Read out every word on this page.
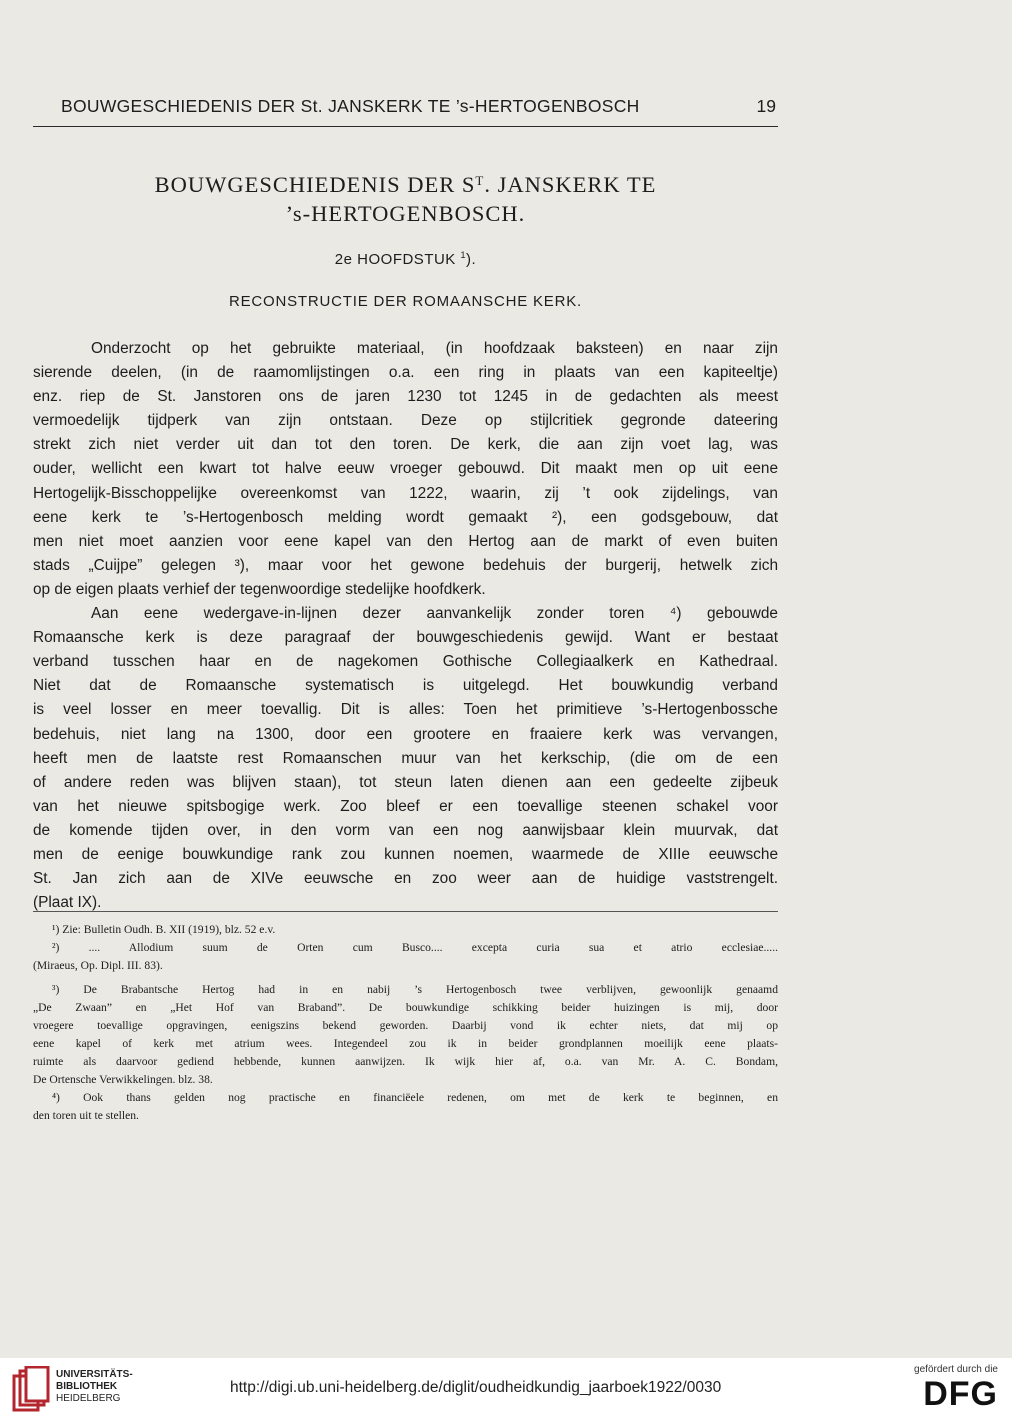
BOUWGESCHIEDENIS DER St. JANSKERK TE ’s-HERTOGENBOSCH	19
BOUWGESCHIEDENIS DER $S^T$. JANSKERK TE
’s-HERTOGENBOSCH.
2e HOOFDSTUK $^1$).
RECONSTRUCTIE DER ROMAANSCHE KERK.
Onderzocht op het gebruikte materiaal, (in hoofdzaak baksteen) en naar zijn
sierende deelen, (in de raamomlijstingen o.a. een ring in plaats van een kapiteeltje)
enz. riep de St. Janstoren ons de jaren 1230 tot 1245 in de gedachten als meest
vermoedelijk tijdperk van zijn ontstaan. Deze op stijlcritiek gegronde dateering
strekt zich niet verder uit dan tot den toren. De kerk, die aan zijn voet lag, was
ouder, wellicht een kwart tot halve eeuw vroeger gebouwd. Dit maakt men op uit eene
Hertogelijk-Bisschoppelijke overeenkomst van 1222, waarin, zij ’t ook zijdelings, van
eene kerk te ’s-Hertogenbosch melding wordt gemaakt ²), een godsgebouw, dat
men niet moet aanzien voor eene kapel van den Hertog aan de markt of even buiten
stads „Cuijpe” gelegen ³), maar voor het gewone bedehuis der burgerij, hetwelk zich
op de eigen plaats verhief der tegenwoordige stedelijke hoofdkerk.
Aan eene wedergave-in-lijnen dezer aanvankelijk zonder toren ⁴) gebouwde
Romaansche kerk is deze paragraaf der bouwgeschiedenis gewijd. Want er bestaat
verband tusschen haar en de nagekomen Gothische Collegiaalkerk en Kathedraal.
Niet dat de Romaansche systematisch is uitgelegd. Het bouwkundig verband
is veel losser en meer toevallig. Dit is alles: Toen het primitieve ’s-Hertogenbossche
bedehuis, niet lang na 1300, door een grootere en fraaiere kerk was vervangen,
heeft men de laatste rest Romaanschen muur van het kerkschip, (die om de een
of andere reden was blijven staan), tot steun laten dienen aan een gedeelte zijbeuk
van het nieuwe spitsbogige werk. Zoo bleef er een toevallige steenen schakel voor
de komende tijden over, in den vorm van een nog aanwijsbaar klein muurvak, dat
men de eenige bouwkundige rank zou kunnen noemen, waarmede de XIIIe eeuwsche
St. Jan zich aan de XIVe eeuwsche en zoo weer aan de huidige vaststrengelt.
(Plaat IX).
¹) Zie: Bulletin Oudh. B. XII (1919), blz. 52 e.v.
²) .... Allodium suum de Orten cum Busco.... excepta curia sua et atrio ecclesiae.....
(Miraeus, Op. Dipl. III. 83).
³) De Brabantsche Hertog had in en nabij ’s Hertogenbosch twee verblijven, gewoonlijk genaamd
„De Zwaan” en „Het Hof van Braband”. De bouwkundige schikking beider huizingen is mij, door
vroegere toevallige opgravingen, eenigszins bekend geworden. Daarbij vond ik echter niets, dat mij op
eene kapel of kerk met atrium wees. Integendeel zou ik in beider grondplannen moeilijk eene plaats-
ruimte als daarvoor gediend hebbende, kunnen aanwijzen. Ik wijk hier af, o.a. van Mr. A. C. Bondam,
De Ortensche Verwikkelingen. blz. 38.
⁴) Ook thans gelden nog practische en financiëele redenen, om met de kerk te beginnen, en
den toren uit te stellen.
UNIVERSITÄTS-
BIBLIOTHEK
HEIDELBERG
http://digi.ub.uni-heidelberg.de/diglit/oudheidkundig_jaarboek1922/0030
gefördert durch die
DFG
